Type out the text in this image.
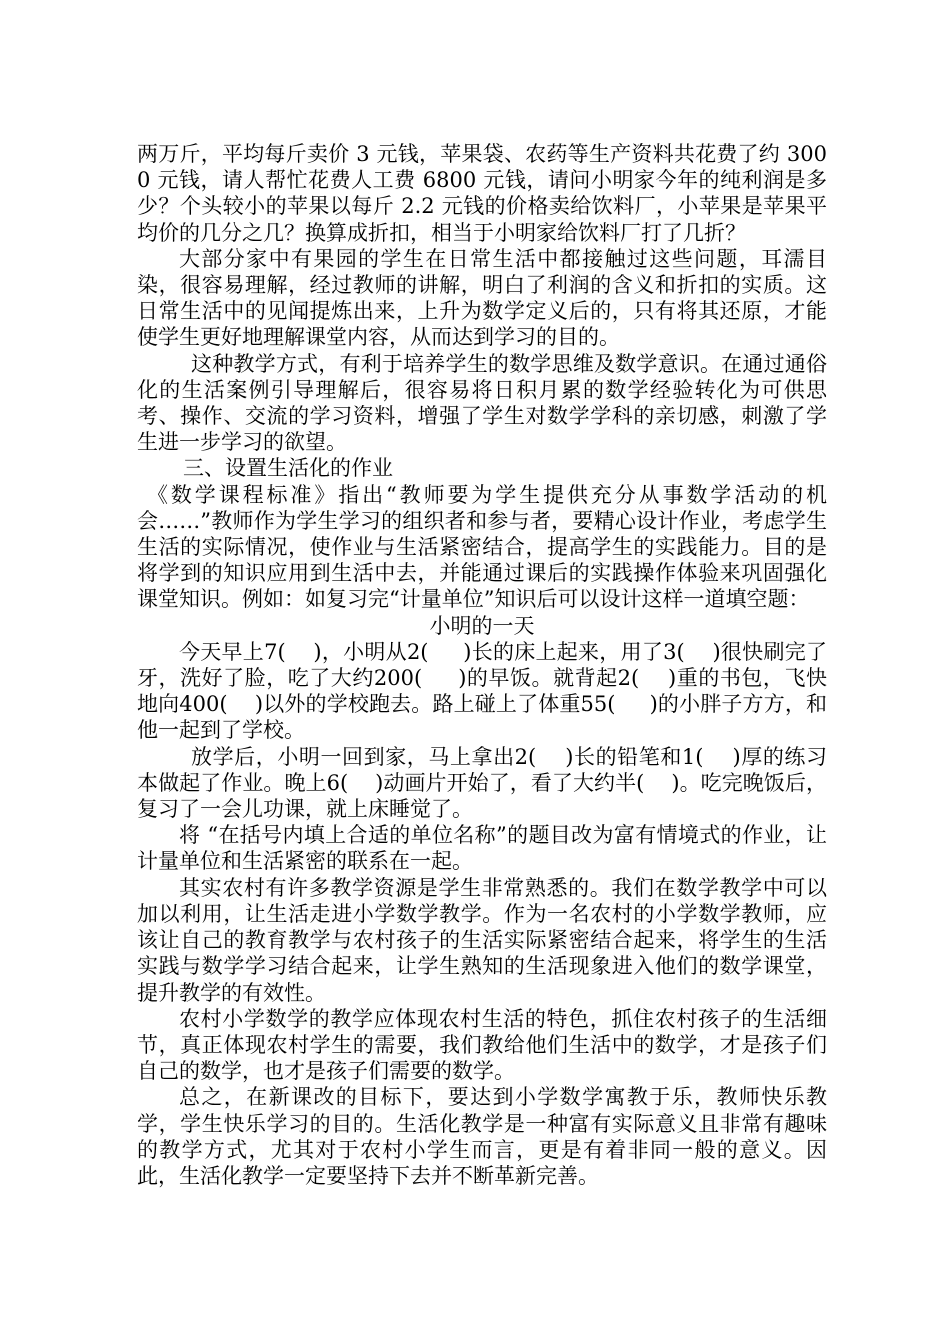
两万斤，平均每斤卖价 3 元钱，苹果袋、农药等生产资料共花费了约 3000 元钱，请人帮忙花费人工费 6800 元钱，请问小明家今年的纯利润是多少？个头较小的苹果以每斤 2.2 元钱的价格卖给饮料厂，小苹果是苹果平均价的几分之几？换算成折扣，相当于小明家给饮料厂打了几折？

大部分家中有果园的学生在日常生活中都接触过这些问题，耳濡目染，很容易理解，经过教师的讲解，明白了利润的含义和折扣的实质。这日常生活中的见闻提炼出来，上升为数学定义后的，只有将其还原，才能使学生更好地理解课堂内容，从而达到学习的目的。

这种教学方式，有利于培养学生的数学思维及数学意识。在通过通俗化的生活案例引导理解后，很容易将日积月累的数学经验转化为可供思考、操作、交流的学习资料，增强了学生对数学学科的亲切感，刺激了学生进一步学习的欲望。

三、设置生活化的作业

《数学课程标准》指出“教师要为学生提供充分从事数学活动的机会……”教师作为学生学习的组织者和参与者，要精心设计作业，考虑学生生活的实际情况，使作业与生活紧密结合，提高学生的实践能力。目的是将学到的知识应用到生活中去，并能通过课后的实践操作体验来巩固强化课堂知识。例如：如复习完“计量单位”知识后可以设计这样一道填空题：

小明的一天

今天早上7(    )，小明从2(     )长的床上起来，用了3(    )很快刷完了牙，洗好了脸，吃了大约200(     )的早饭。就背起2(    )重的书包，飞快地向400(    )以外的学校跑去。路上碰上了体重55(     )的小胖子方方，和他一起到了学校。

放学后，小明一回到家，马上拿出2(    )长的铅笔和1(    )厚的练习本做起了作业。晚上6(    )动画片开始了，看了大约半(    )。吃完晚饭后，复习了一会儿功课，就上床睡觉了。

将 “在括号内填上合适的单位名称”的题目改为富有情境式的作业，让计量单位和生活紧密的联系在一起。

其实农村有许多教学资源是学生非常熟悉的。我们在数学教学中可以加以利用，让生活走进小学数学教学。作为一名农村的小学数学教师，应该让自己的教育教学与农村孩子的生活实际紧密结合起来，将学生的生活实践与数学学习结合起来，让学生熟知的生活现象进入他们的数学课堂，提升教学的有效性。

农村小学数学的教学应体现农村生活的特色，抓住农村孩子的生活细节，真正体现农村学生的需要，我们教给他们生活中的数学，才是孩子们自己的数学，也才是孩子们需要的数学。

总之，在新课改的目标下，要达到小学数学寓教于乐，教师快乐教学，学生快乐学习的目的。生活化教学是一种富有实际意义且非常有趣味的教学方式，尤其对于农村小学生而言，更是有着非同一般的意义。因此，生活化教学一定要坚持下去并不断革新完善。
